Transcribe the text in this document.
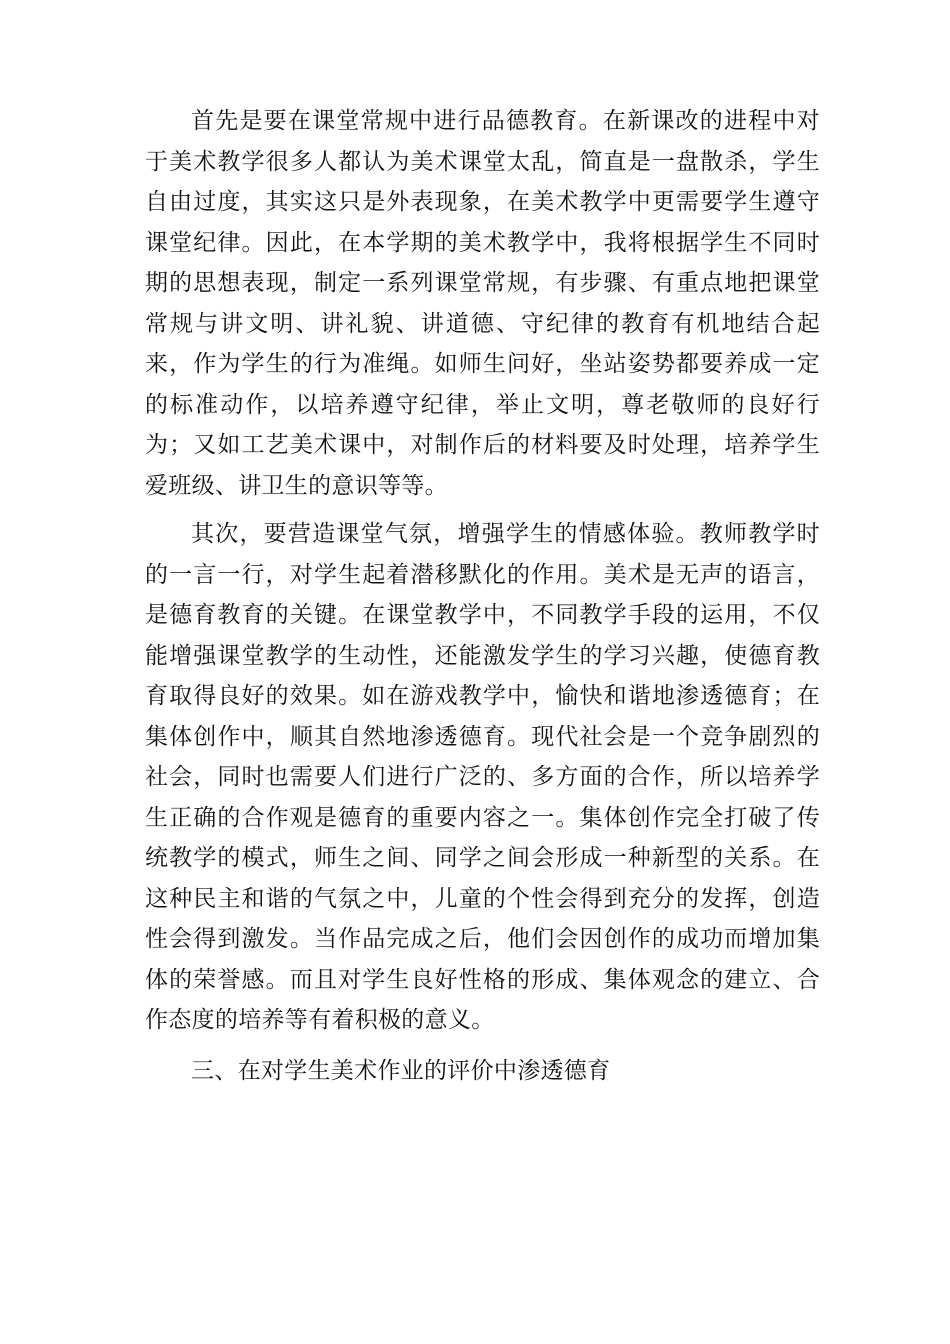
首先是要在课堂常规中进行品德教育。在新课改的进程中对于美术教学很多人都认为美术课堂太乱，简直是一盘散杀，学生自由过度，其实这只是外表现象，在美术教学中更需要学生遵守课堂纪律。因此，在本学期的美术教学中，我将根据学生不同时期的思想表现，制定一系列课堂常规，有步骤、有重点地把课堂常规与讲文明、讲礼貌、讲道德、守纪律的教育有机地结合起来，作为学生的行为准绳。如师生问好，坐站姿势都要养成一定的标准动作，以培养遵守纪律，举止文明，尊老敬师的良好行为；又如工艺美术课中，对制作后的材料要及时处理，培养学生爱班级、讲卫生的意识等等。

其次，要营造课堂气氛，增强学生的情感体验。教师教学时的一言一行，对学生起着潜移默化的作用。美术是无声的语言，是德育教育的关键。在课堂教学中，不同教学手段的运用，不仅能增强课堂教学的生动性，还能激发学生的学习兴趣，使德育教育取得良好的效果。如在游戏教学中，愉快和谐地渗透德育；在集体创作中，顺其自然地渗透德育。现代社会是一个竞争剧烈的社会，同时也需要人们进行广泛的、多方面的合作，所以培养学生正确的合作观是德育的重要内容之一。集体创作完全打破了传统教学的模式，师生之间、同学之间会形成一种新型的关系。在这种民主和谐的气氛之中，儿童的个性会得到充分的发挥，创造性会得到激发。当作品完成之后，他们会因创作的成功而增加集体的荣誉感。而且对学生良好性格的形成、集体观念的建立、合作态度的培养等有着积极的意义。

三、在对学生美术作业的评价中渗透德育
